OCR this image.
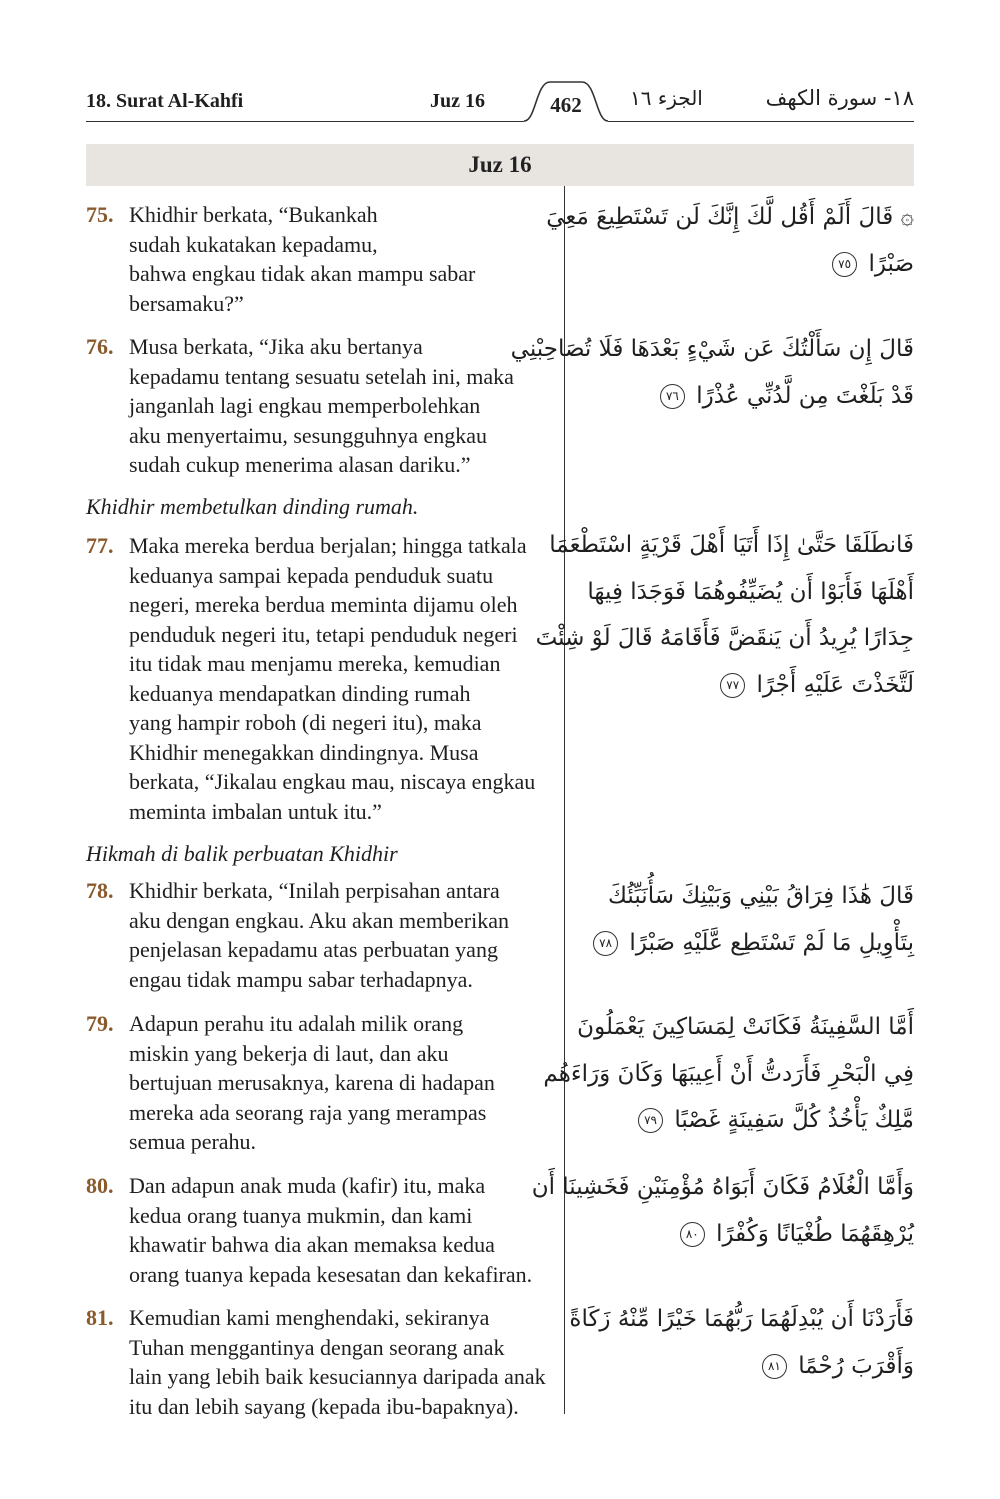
18. Surat Al-Kahfi	Juz 16	462	الجزء ١٦	١٨- سورة الكهف
Juz 16
75. Khidhir berkata, “Bukankah
sudah kukatakan kepadamu,
bahwa engkau tidak akan mampu sabar
bersamaku?”
76. Musa berkata, “Jika aku bertanya
kepadamu tentang sesuatu setelah ini, maka
janganlah lagi engkau memperbolehkan
aku menyertaimu, sesungguhnya engkau
sudah cukup menerima alasan dariku.”
Khidhir membetulkan dinding rumah.
77. Maka mereka berdua berjalan; hingga tatkala
keduanya sampai kepada penduduk suatu
negeri, mereka berdua meminta dijamu oleh
penduduk negeri itu, tetapi penduduk negeri
itu tidak mau menjamu mereka, kemudian
keduanya mendapatkan dinding rumah
yang hampir roboh (di negeri itu), maka
Khidhir menegakkan dindingnya. Musa
berkata, “Jikalau engkau mau, niscaya engkau
meminta imbalan untuk itu.”
Hikmah di balik perbuatan Khidhir
78. Khidhir berkata, “Inilah perpisahan antara
aku dengan engkau. Aku akan memberikan
penjelasan kepadamu atas perbuatan yang
engau tidak mampu sabar terhadapnya.
79. Adapun perahu itu adalah milik orang
miskin yang bekerja di laut, dan aku
bertujuan merusaknya, karena di hadapan
mereka ada seorang raja yang merampas
semua perahu.
80. Dan adapun anak muda (kafir) itu, maka
kedua orang tuanya mukmin, dan kami
khawatir bahwa dia akan memaksa kedua
orang tuanya kepada kesesatan dan kekafiran.
81. Kemudian kami menghendaki, sekiranya
Tuhan menggantinya dengan seorang anak
lain yang lebih baik kesuciannya daripada anak
itu dan lebih sayang (kepada ibu-bapaknya).
۞ قَالَ أَلَمْ أَقُل لَّكَ إِنَّكَ لَن تَسْتَطِيعَ مَعِيَ
صَبْرًا ٧٥
قَالَ إِن سَأَلْتُكَ عَن شَيْءٍ بَعْدَهَا فَلَا تُصَاحِبْنِي
قَدْ بَلَغْتَ مِن لَّدُنِّي عُذْرًا ٧٦
فَانطَلَقَا حَتَّىٰ إِذَا أَتَيَا أَهْلَ قَرْيَةٍ اسْتَطْعَمَا
أَهْلَهَا فَأَبَوْا أَن يُضَيِّفُوهُمَا فَوَجَدَا فِيهَا
جِدَارًا يُرِيدُ أَن يَنقَضَّ فَأَقَامَهُ قَالَ لَوْ شِئْتَ
لَتَّخَذْتَ عَلَيْهِ أَجْرًا ٧٧
قَالَ هَٰذَا فِرَاقُ بَيْنِي وَبَيْنِكَ سَأُنَبِّئُكَ
بِتَأْوِيلِ مَا لَمْ تَسْتَطِع عَّلَيْهِ صَبْرًا ٧٨
أَمَّا السَّفِينَةُ فَكَانَتْ لِمَسَاكِينَ يَعْمَلُونَ
فِي الْبَحْرِ فَأَرَدتُّ أَنْ أَعِيبَهَا وَكَانَ وَرَاءَهُم
مَّلِكٌ يَأْخُذُ كُلَّ سَفِينَةٍ غَصْبًا ٧٩
وَأَمَّا الْغُلَامُ فَكَانَ أَبَوَاهُ مُؤْمِنَيْنِ فَخَشِينَا أَن
يُرْهِقَهُمَا طُغْيَانًا وَكُفْرًا ٨٠
فَأَرَدْنَا أَن يُبْدِلَهُمَا رَبُّهُمَا خَيْرًا مِّنْهُ زَكَاةً
وَأَقْرَبَ رُحْمًا ٨١
